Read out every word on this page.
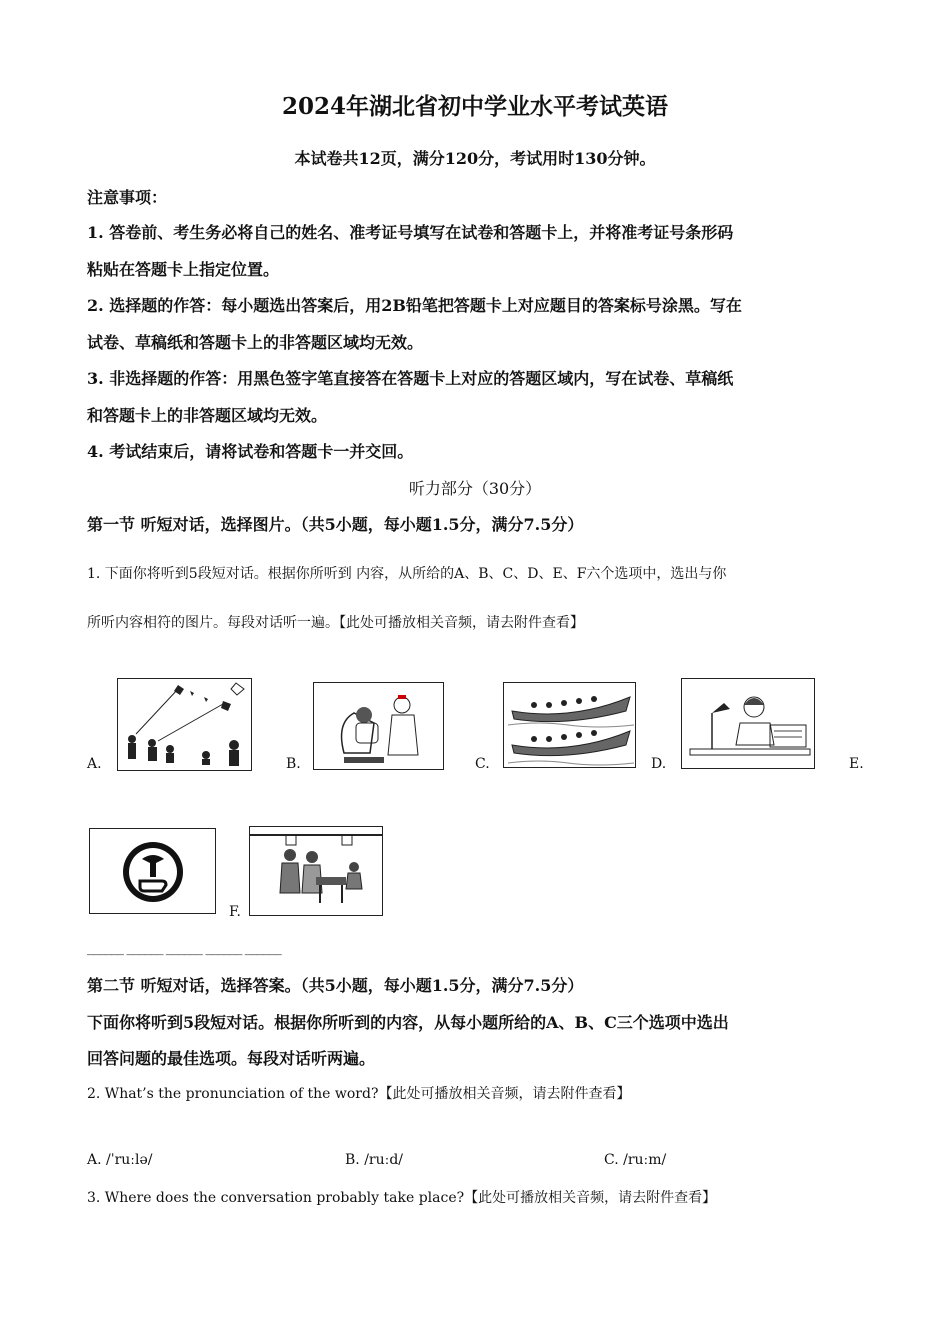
2024年湖北省初中学业水平考试英语
本试卷共12页，满分120分，考试用时130分钟。
注意事项：
1. 答卷前、考生务必将自己的姓名、准考证号填写在试卷和答题卡上，并将准考证号条形码
粘贴在答题卡上指定位置。
2. 选择题的作答：每小题选出答案后，用2B铅笔把答题卡上对应题目的答案标号涂黑。写在
试卷、草稿纸和答题卡上的非答题区域均无效。
3. 非选择题的作答：用黑色签字笔直接答在答题卡上对应的答题区域内，写在试卷、草稿纸
和答题卡上的非答题区域均无效。
4. 考试结束后，请将试卷和答题卡一并交回。
听力部分（30分）
第一节 听短对话，选择图片。（共5小题，每小题1.5分，满分7.5分）
1. 下面你将听到5段短对话。根据你所听到 内容，从所给的A、B、C、D、E、F六个选项中，选出与你
所听内容相符的图片。每段对话听一遍。【此处可播放相关音频，请去附件查看】
A.	B.	C.	D.	E.
F.
______ ______ ______ ______ ______
第二节 听短对话，选择答案。（共5小题，每小题1.5分，满分7.5分）
下面你将听到5段短对话。根据你所听到的内容，从每小题所给的A、B、C三个选项中选出
回答问题的最佳选项。每段对话听两遍。
2. What’s the pronunciation of the word?【此处可播放相关音频，请去附件查看】
A. /ˈruːlə/	B. /ruːd/	C. /ruːm/
3. Where does the conversation probably take place?【此处可播放相关音频，请去附件查看】
